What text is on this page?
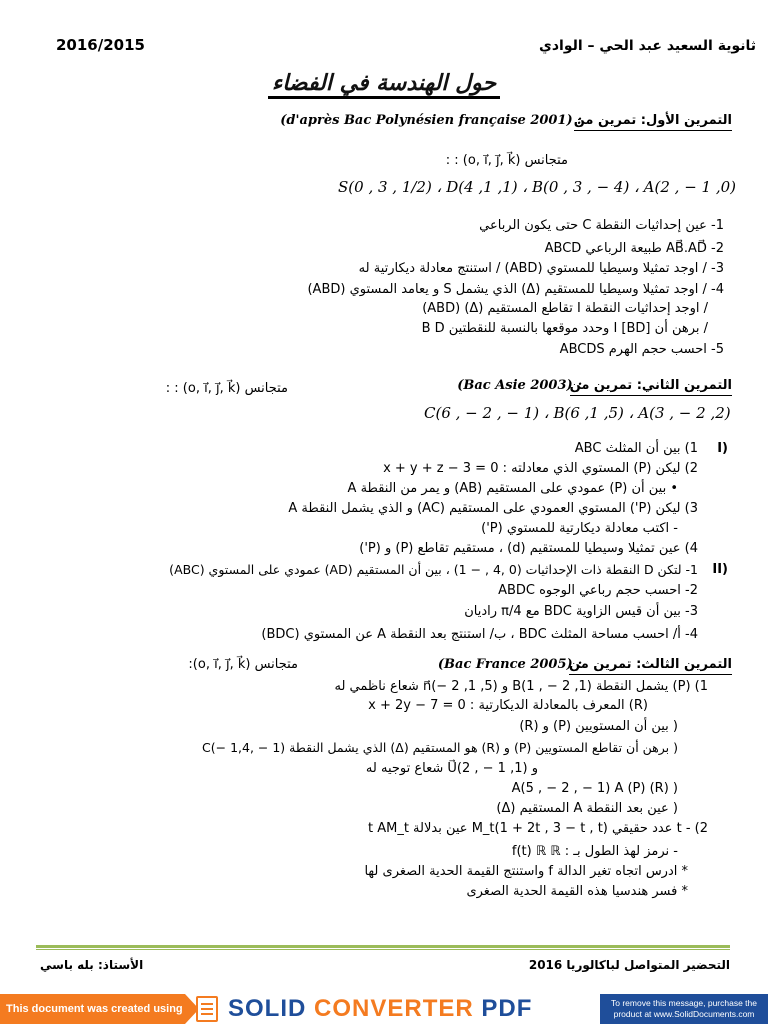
2016/2015	ثانوية السعيد عبد الحي – الوادي
حول الهندسة في الفضاء
التمرين الأول: تمرين من
(d'après Bac Polynésien française 2001) :
متجانس (o, i⃗, j⃗, k⃗) : :
S(0 , 3 , 1/2) ، D(4 ,1 ,1) ، B(0 , 3 , − 4) ، A(2 , − 1 ,0)
1- عين إحداثيات النقطة C حتى يكون الرباعي
2- AB⃗.AD⃗ طبيعة الرباعي ABCD
3- / اوجد تمثيلا وسيطيا للمستوي (ABD) / استنتج معادلة ديكارتية له
4- / اوجد تمثيلا وسيطيا للمستقيم (Δ) الذي يشمل S و يعامد المستوي (ABD)
/ اوجد إحداثيات النقطة I تقاطع المستقيم (Δ) (ABD)
/ برهن أن I [BD] وحدد موقعها بالنسبة للنقطتين B D
5- احسب حجم الهرم ABCDS
التمرين الثاني: تمرين من
(Bac Asie 2003) :
متجانس (o, i⃗, j⃗, k⃗) : :
C(6 , − 2 , − 1) ، B(6 ,1 ,5) ، A(3 , − 2 ,2)
(I
1) بين أن المثلث ABC
2) ليكن (P) المستوي الذي معادلته : x + y + z − 3 = 0
• بين أن (P) عمودي على المستقيم (AB) و يمر من النقطة A
3) ليكن (P') المستوي العمودي على المستقيم (AC) و الذي يشمل النقطة A
- اكتب معادلة ديكارتية للمستوي (P')
4) عين تمثيلا وسيطيا للمستقيم (d) ، مستقيم تقاطع (P) و (P')
(II
1- لتكن D النقطة ذات الإحداثيات (0 ,4 , − 1) ، بين أن المستقيم (AD) عمودي على المستوي (ABC)
2- احسب حجم رباعي الوجوه ABDC
3- بين أن قيس الزاوية BDC مع π/4 راديان
4- أ/ احسب مساحة المثلث BDC ، ب/ استنتج بعد النقطة A عن المستوي (BDC)
التمرين الثالث: تمرين من
(Bac France 2005) :
متجانس (o, i⃗, j⃗, k⃗):
1) (P) يشمل النقطة B(1 , − 2 ,1) و n⃗(− 2 ,1 ,5) شعاع ناظمي له
(R) المعرف بالمعادلة الديكارتية : x + 2y − 7 = 0
( بين أن المستويين (P) و (R)
( برهن أن تقاطع المستويين (P) و (R) هو المستقيم (Δ) الذي يشمل النقطة C(− 1,4, − 1)
و U⃗(2 , − 1 ,1) شعاع توجيه له
( A(5 , − 2 , − 1) A (P) (R)
( عين بعد النقطة A المستقيم (Δ)
2) - t عدد حقيقي M_t(1 + 2t , 3 − t , t) عين بدلالة t AM_t
- نرمز لهذ الطول بـ : f(t) ℝ ℝ
* ادرس اتجاه تغير الدالة f واستنتج القيمة الحدية الصغرى لها
* فسر هندسيا هذه القيمة الحدية الصغرى
التحضير المتواصل لباكالوريا 2016
الأستاذ: بله باسي
This document was created using SOLID CONVERTER PDF	To remove this message, purchase the
product at www.SolidDocuments.com
